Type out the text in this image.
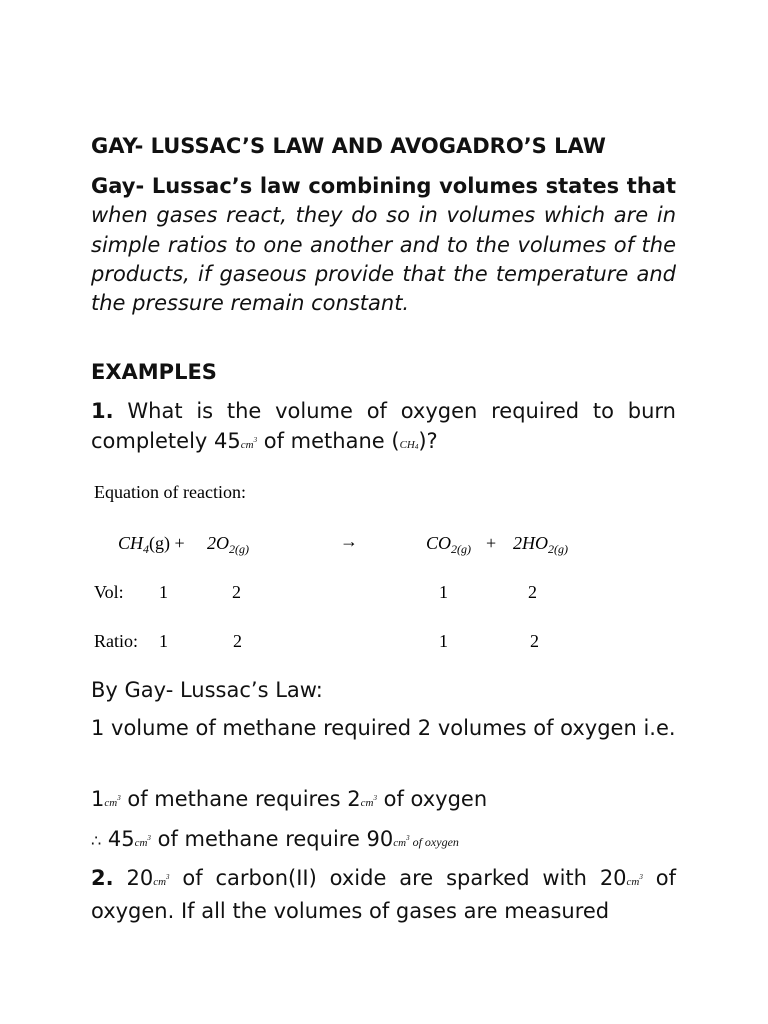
GAY- LUSSAC’S LAW AND AVOGADRO’S LAW

Gay- Lussac’s law combining volumes states that when gases react, they do so in volumes which are in simple ratios to one another and to the volumes of the products, if gaseous provide that the temperature and the pressure remain constant.

EXAMPLES

1. What is the volume of oxygen required to burn completely $45cm^3$ of methane $(CH_4)$?

Equation of reaction:
$CH_4(g) + 2O_{2(g)}$	→	$CO_{2(g)} + 2HO_{2(g)}$
Vol: 1	2	1	2
Ratio: 1	2	1	2

By Gay- Lussac’s Law:

1 volume of methane required 2 volumes of oxygen i.e.

$1cm^3$ of methane requires $2cm^3$ of oxygen

∴ $45cm^3$ of methane require $90cm^3$ of oxygen

2. $20cm^3$ of carbon(II) oxide are sparked with $20cm^3$ of oxygen. If all the volumes of gases are measured
